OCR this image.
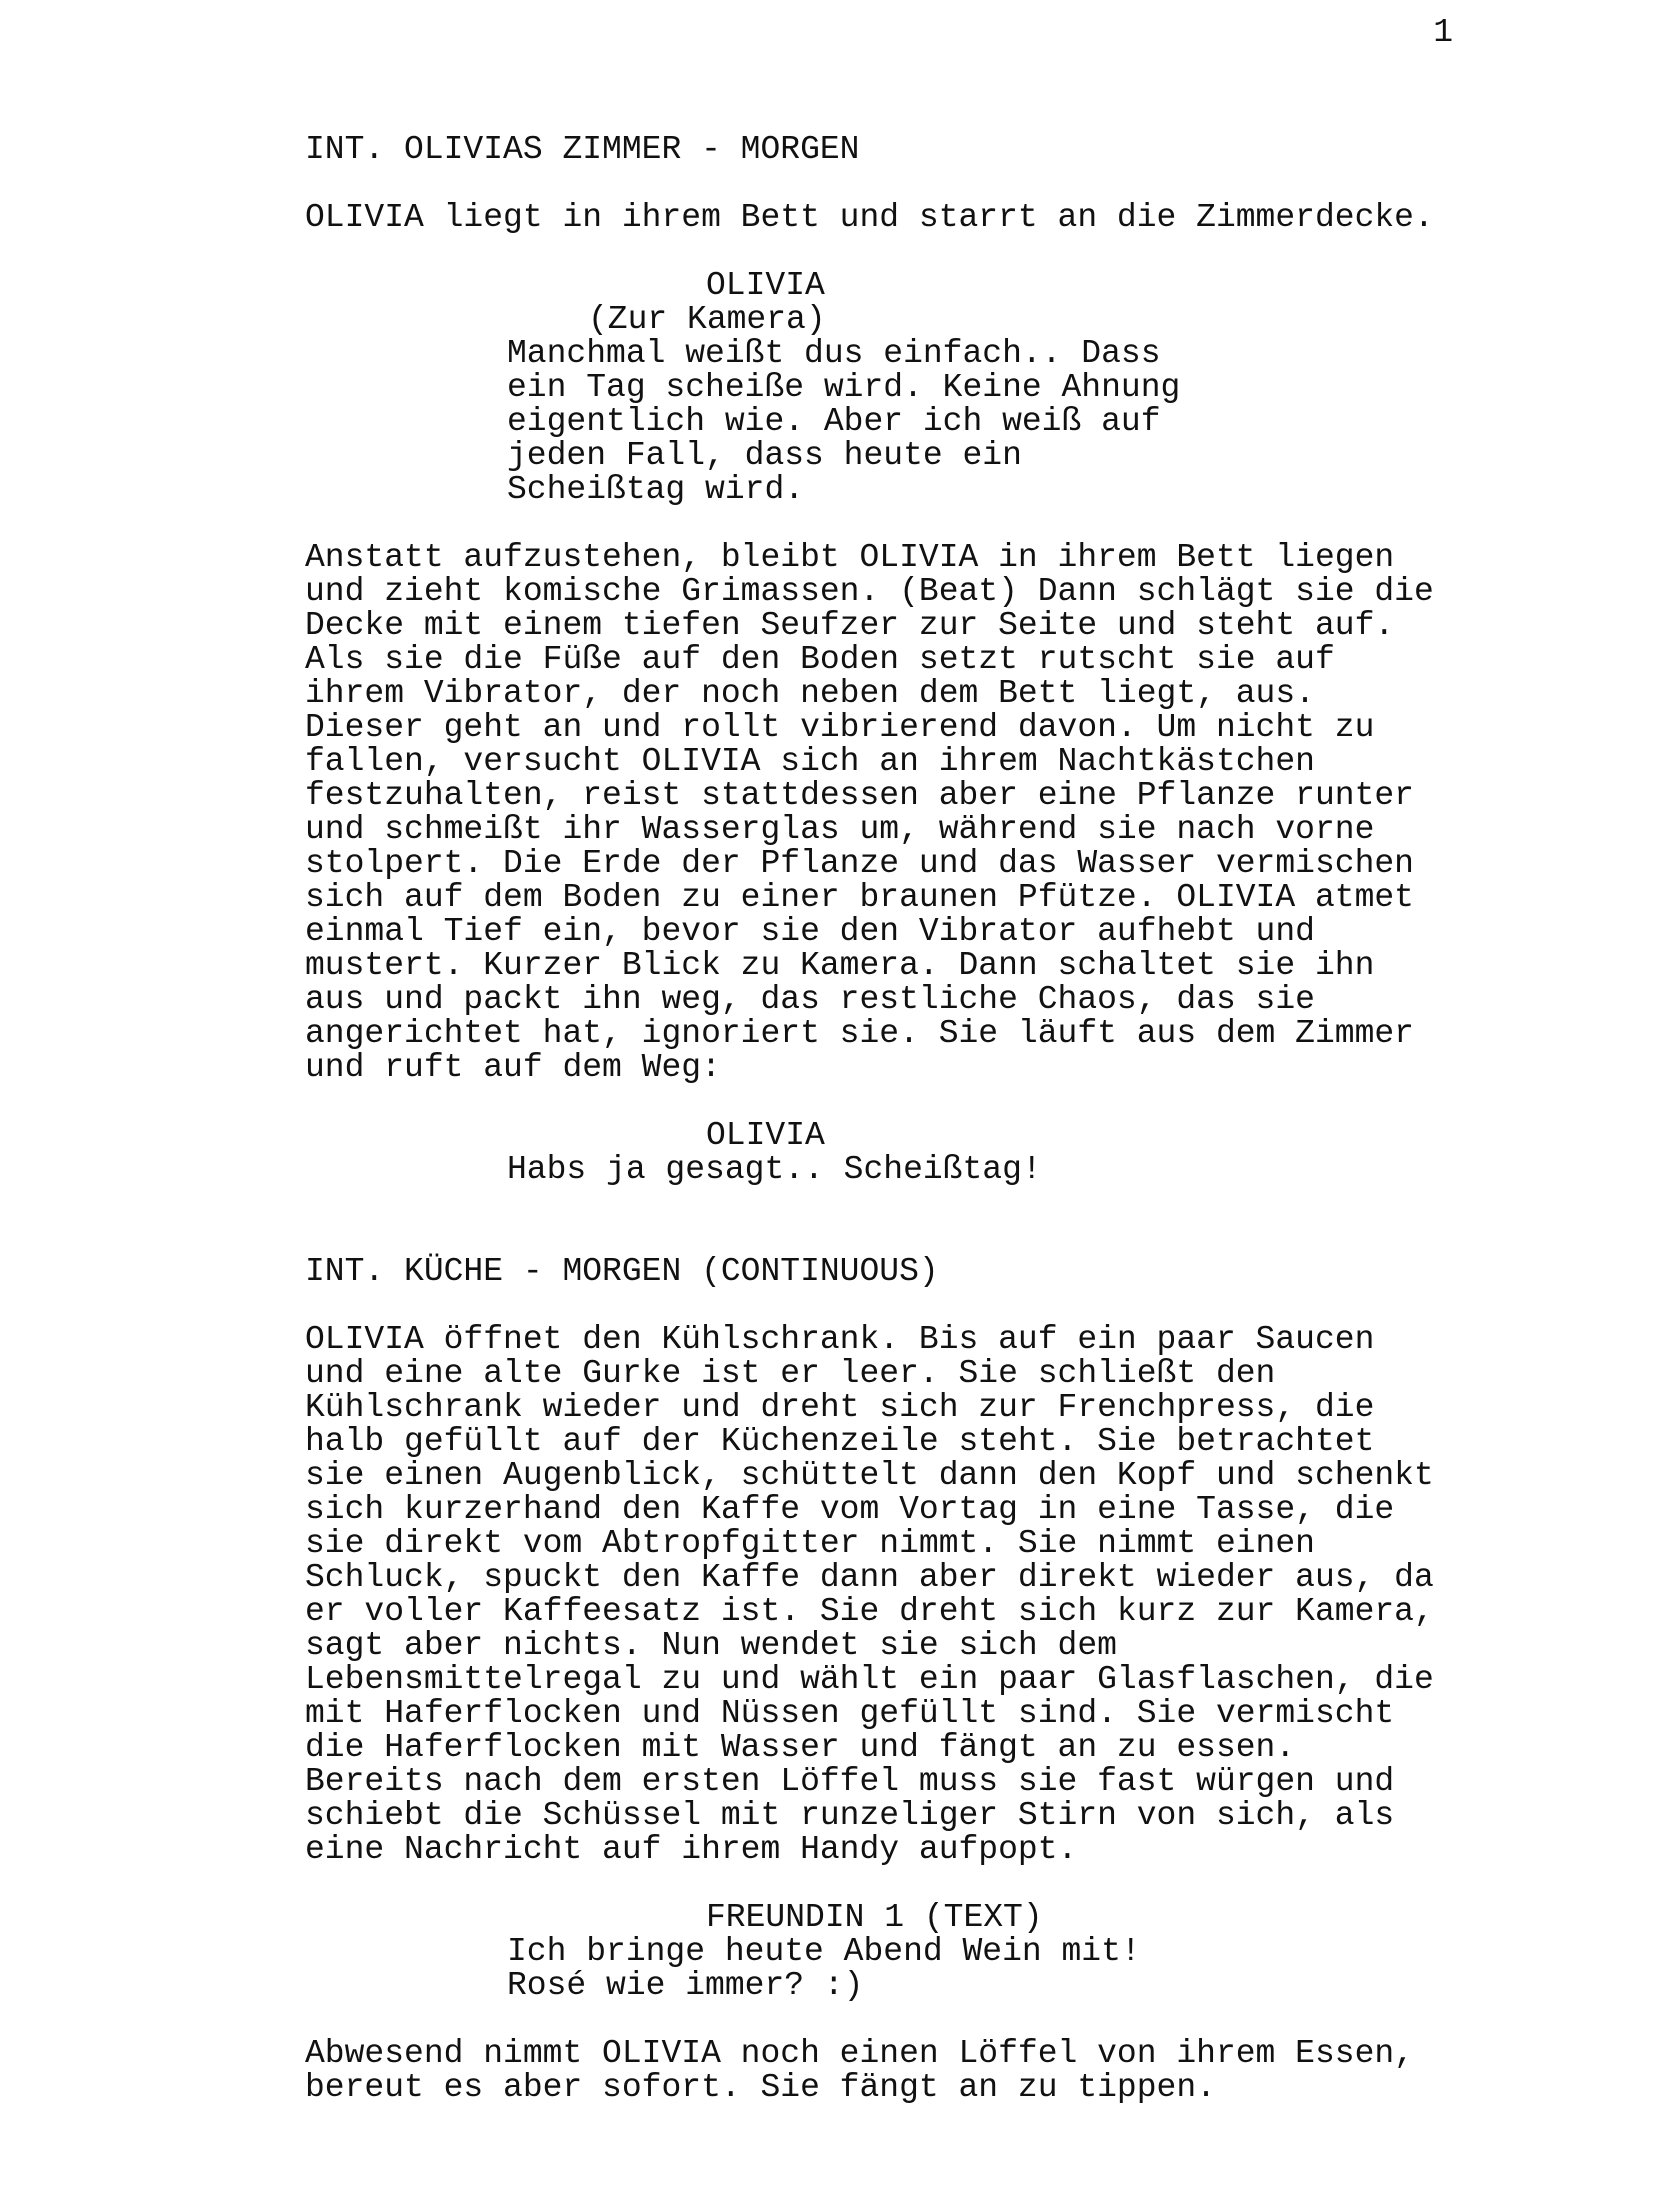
1
INT. OLIVIAS ZIMMER - MORGEN
OLIVIA liegt in ihrem Bett und starrt an die Zimmerdecke.
OLIVIA
(Zur Kamera)
Manchmal weißt dus einfach.. Dass
ein Tag scheiße wird. Keine Ahnung
eigentlich wie. Aber ich weiß auf
jeden Fall, dass heute ein
Scheißtag wird.
Anstatt aufzustehen, bleibt OLIVIA in ihrem Bett liegen
und zieht komische Grimassen. (Beat) Dann schlägt sie die
Decke mit einem tiefen Seufzer zur Seite und steht auf.
Als sie die Füße auf den Boden setzt rutscht sie auf
ihrem Vibrator, der noch neben dem Bett liegt, aus.
Dieser geht an und rollt vibrierend davon. Um nicht zu
fallen, versucht OLIVIA sich an ihrem Nachtkästchen
festzuhalten, reist stattdessen aber eine Pflanze runter
und schmeißt ihr Wasserglas um, während sie nach vorne
stolpert. Die Erde der Pflanze und das Wasser vermischen
sich auf dem Boden zu einer braunen Pfütze. OLIVIA atmet
einmal Tief ein, bevor sie den Vibrator aufhebt und
mustert. Kurzer Blick zu Kamera. Dann schaltet sie ihn
aus und packt ihn weg, das restliche Chaos, das sie
angerichtet hat, ignoriert sie. Sie läuft aus dem Zimmer
und ruft auf dem Weg:
OLIVIA
Habs ja gesagt.. Scheißtag!
INT. KÜCHE - MORGEN (CONTINUOUS)
OLIVIA öffnet den Kühlschrank. Bis auf ein paar Saucen
und eine alte Gurke ist er leer. Sie schließt den
Kühlschrank wieder und dreht sich zur Frenchpress, die
halb gefüllt auf der Küchenzeile steht. Sie betrachtet
sie einen Augenblick, schüttelt dann den Kopf und schenkt
sich kurzerhand den Kaffe vom Vortag in eine Tasse, die
sie direkt vom Abtropfgitter nimmt. Sie nimmt einen
Schluck, spuckt den Kaffe dann aber direkt wieder aus, da
er voller Kaffeesatz ist. Sie dreht sich kurz zur Kamera,
sagt aber nichts. Nun wendet sie sich dem
Lebensmittelregal zu und wählt ein paar Glasflaschen, die
mit Haferflocken und Nüssen gefüllt sind. Sie vermischt
die Haferflocken mit Wasser und fängt an zu essen.
Bereits nach dem ersten Löffel muss sie fast würgen und
schiebt die Schüssel mit runzeliger Stirn von sich, als
eine Nachricht auf ihrem Handy aufpopt.
FREUNDIN 1 (TEXT)
Ich bringe heute Abend Wein mit!
Rosé wie immer? :)
Abwesend nimmt OLIVIA noch einen Löffel von ihrem Essen,
bereut es aber sofort. Sie fängt an zu tippen.
